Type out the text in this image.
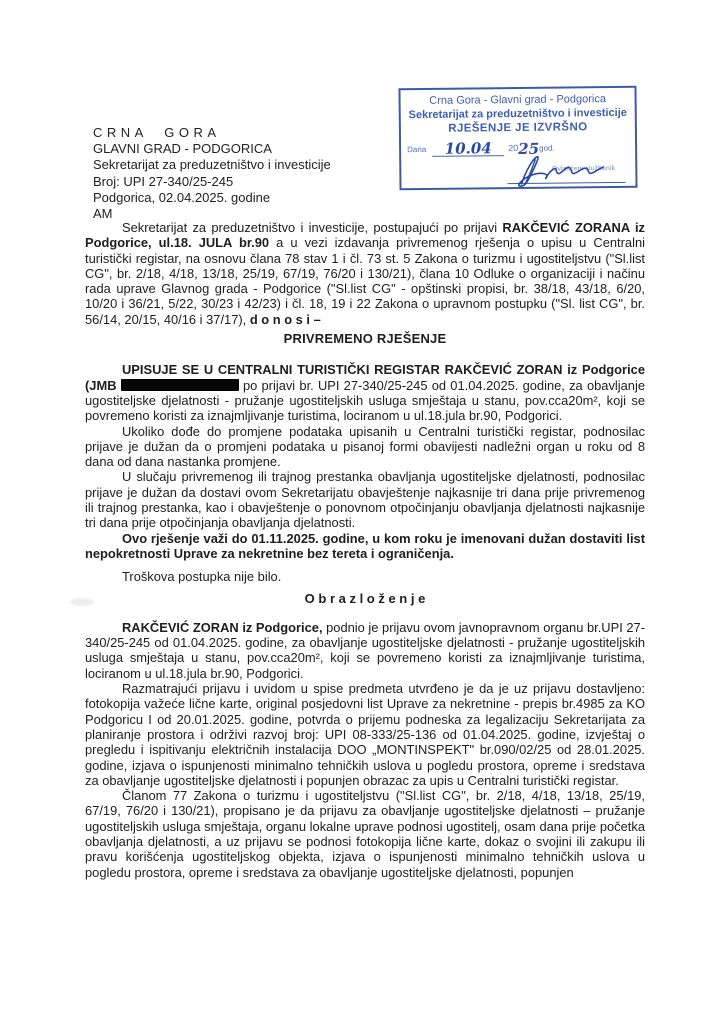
CRNA GORA
GLAVNI GRAD - PODGORICA
Sekretarijat za preduzetništvo i investicije
Broj: UPI 27-340/25-245
Podgorica, 02.04.2025. godine
AM
Crna Gora - Glavni grad - Podgorica
Sekretarijat za preduzetništvo i investicije
RJEŠENJE JE IZVRŠNO
Dana	10.04	20 25 god.
Ovlašćeni službenik

Sekretarijat za preduzetništvo i investicije, postupajući po prijavi RAKČEVIĆ ZORANA iz Podgorice, ul.18. JULA br.90 a u vezi izdavanja privremenog rješenja o upisu u Centralni turistički registar, na osnovu člana 78 stav 1 i čl. 73 st. 5 Zakona o turizmu i ugostiteljstvu ("Sl.list CG", br. 2/18, 4/18, 13/18, 25/19, 67/19, 76/20 i 130/21), člana 10 Odluke o organizaciji i načinu rada uprave Glavnog grada - Podgorice ("Sl.list CG" - opštinski propisi, br. 38/18, 43/18, 6/20, 10/20 i 36/21, 5/22, 30/23 i 42/23) i čl. 18, 19 i 22 Zakona o upravnom postupku ("Sl. list CG", br. 56/14, 20/15, 40/16 i 37/17), d o n o s i –

PRIVREMENO RJEŠENJE

UPISUJE SE U CENTRALNI TURISTIČKI REGISTAR RAKČEVIĆ ZORAN iz Podgorice (JMB	po prijavi br. UPI 27-340/25-245 od 01.04.2025. godine, za obavljanje ugostiteljske djelatnosti - pružanje ugostiteljskih usluga smještaja u stanu, pov.cca20m², koji se povremeno koristi za iznajmljivanje turistima, lociranom u ul.18.jula br.90, Podgorici.

Ukoliko dođe do promjene podataka upisanih u Centralni turistički registar, podnosilac prijave je dužan da o promjeni podataka u pisanoj formi obavijesti nadležni organ u roku od 8 dana od dana nastanka promjene.

U slučaju privremenog ili trajnog prestanka obavljanja ugostiteljske djelatnosti, podnosilac prijave je dužan da dostavi ovom Sekretarijatu obavještenje najkasnije tri dana prije privremenog ili trajnog prestanka, kao i obavještenje o ponovnom otpočinjanju obavljanja djelatnosti najkasnije tri dana prije otpočinjanja obavljanja djelatnosti.

Ovo rješenje važi do 01.11.2025. godine, u kom roku je imenovani dužan dostaviti list nepokretnosti Uprave za nekretnine bez tereta i ograničenja.

Troškova postupka nije bilo.

O b r a z l o ž e n j e

RAKČEVIĆ ZORAN iz Podgorice, podnio je prijavu ovom javnopravnom organu br.UPI 27-340/25-245 od 01.04.2025. godine, za obavljanje ugostiteljske djelatnosti - pružanje ugostiteljskih usluga smještaja u stanu, pov.cca20m², koji se povremeno koristi za iznajmljivanje turistima, lociranom u ul.18.jula br.90, Podgorici.

Razmatrajući prijavu i uvidom u spise predmeta utvrđeno je da je uz prijavu dostavljeno: fotokopija važeće lične karte, original posjedovni list Uprave za nekretnine - prepis br.4985 za KO Podgoricu I od 20.01.2025. godine, potvrda o prijemu podneska za legalizaciju Sekretarijata za planiranje prostora i održivi razvoj broj: UPI 08-333/25-136 od 01.04.2025. godine, izvještaj o pregledu i ispitivanju električnih instalacija DOO „MONTINSPEKT" br.090/02/25 od 28.01.2025. godine, izjava o ispunjenosti minimalno tehničkih uslova u pogledu prostora, opreme i sredstava za obavljanje ugostiteljske djelatnosti i popunjen obrazac za upis u Centralni turistički registar.

Članom 77 Zakona o turizmu i ugostiteljstvu ("Sl.list CG", br. 2/18, 4/18, 13/18, 25/19, 67/19, 76/20 i 130/21), propisano je da prijavu za obavljanje ugostiteljske djelatnosti – pružanje ugostiteljskih usluga smještaja, organu lokalne uprave podnosi ugostitelj, osam dana prije početka obavljanja djelatnosti, a uz prijavu se podnosi fotokopija lične karte, dokaz o svojini ili zakupu ili pravu korišćenja ugostiteljskog objekta, izjava o ispunjenosti minimalno tehničkih uslova u pogledu prostora, opreme i sredstava za obavljanje ugostiteljske djelatnosti, popunjen
